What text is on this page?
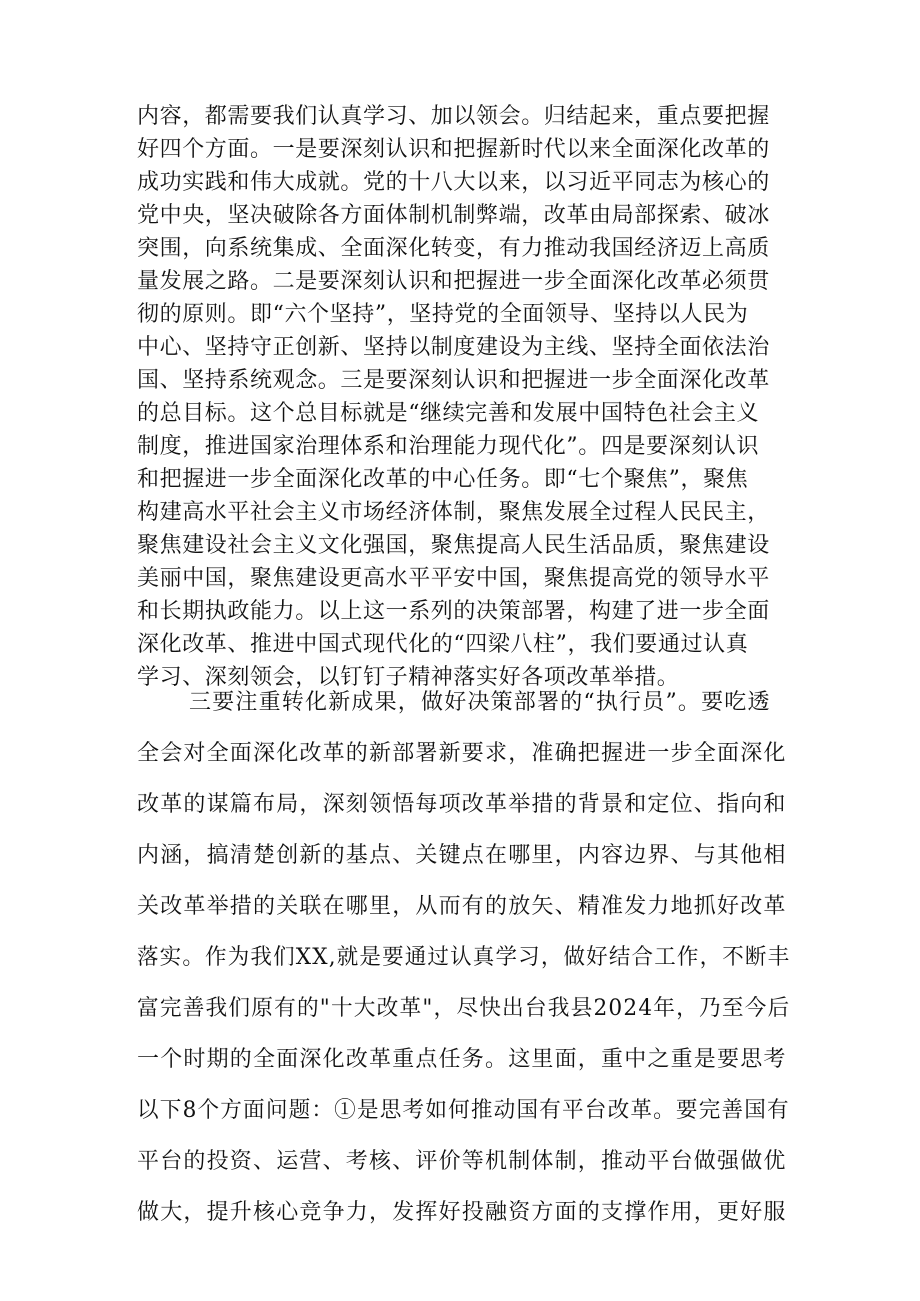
内容，都需要我们认真学习、加以领会。归结起来，重点要把握
好四个方面。一是要深刻认识和把握新时代以来全面深化改革的
成功实践和伟大成就。党的十八大以来，以习近平同志为核心的
党中央，坚决破除各方面体制机制弊端，改革由局部探索、破冰
突围，向系统集成、全面深化转变，有力推动我国经济迈上高质
量发展之路。二是要深刻认识和把握进一步全面深化改革必须贯
彻的原则。即“六个坚持”，坚持党的全面领导、坚持以人民为
中心、坚持守正创新、坚持以制度建设为主线、坚持全面依法治
国、坚持系统观念。三是要深刻认识和把握进一步全面深化改革
的总目标。这个总目标就是“继续完善和发展中国特色社会主义
制度，推进国家治理体系和治理能力现代化”。四是要深刻认识
和把握进一步全面深化改革的中心任务。即“七个聚焦”，聚焦
构建高水平社会主义市场经济体制，聚焦发展全过程人民民主，
聚焦建设社会主义文化强国，聚焦提高人民生活品质，聚焦建设
美丽中国，聚焦建设更高水平平安中国，聚焦提高党的领导水平
和长期执政能力。以上这一系列的决策部署，构建了进一步全面
深化改革、推进中国式现代化的“四梁八柱”，我们要通过认真
学习、深刻领会，以钉钉子精神落实好各项改革举措。
三要注重转化新成果，做好决策部署的“执行员”。要吃透
全会对全面深化改革的新部署新要求，准确把握进一步全面深化
改革的谋篇布局，深刻领悟每项改革举措的背景和定位、指向和
内涵，搞清楚创新的基点、关键点在哪里，内容边界、与其他相
关改革举措的关联在哪里，从而有的放矢、精准发力地抓好改革
落实。作为我们XX,就是要通过认真学习，做好结合工作，不断丰
富完善我们原有的"十大改革"，尽快出台我县2024年，乃至今后
一个时期的全面深化改革重点任务。这里面，重中之重是要思考
以下8个方面问题：①是思考如何推动国有平台改革。要完善国有
平台的投资、运营、考核、评价等机制体制，推动平台做强做优
做大，提升核心竞争力，发挥好投融资方面的支撑作用，更好服
